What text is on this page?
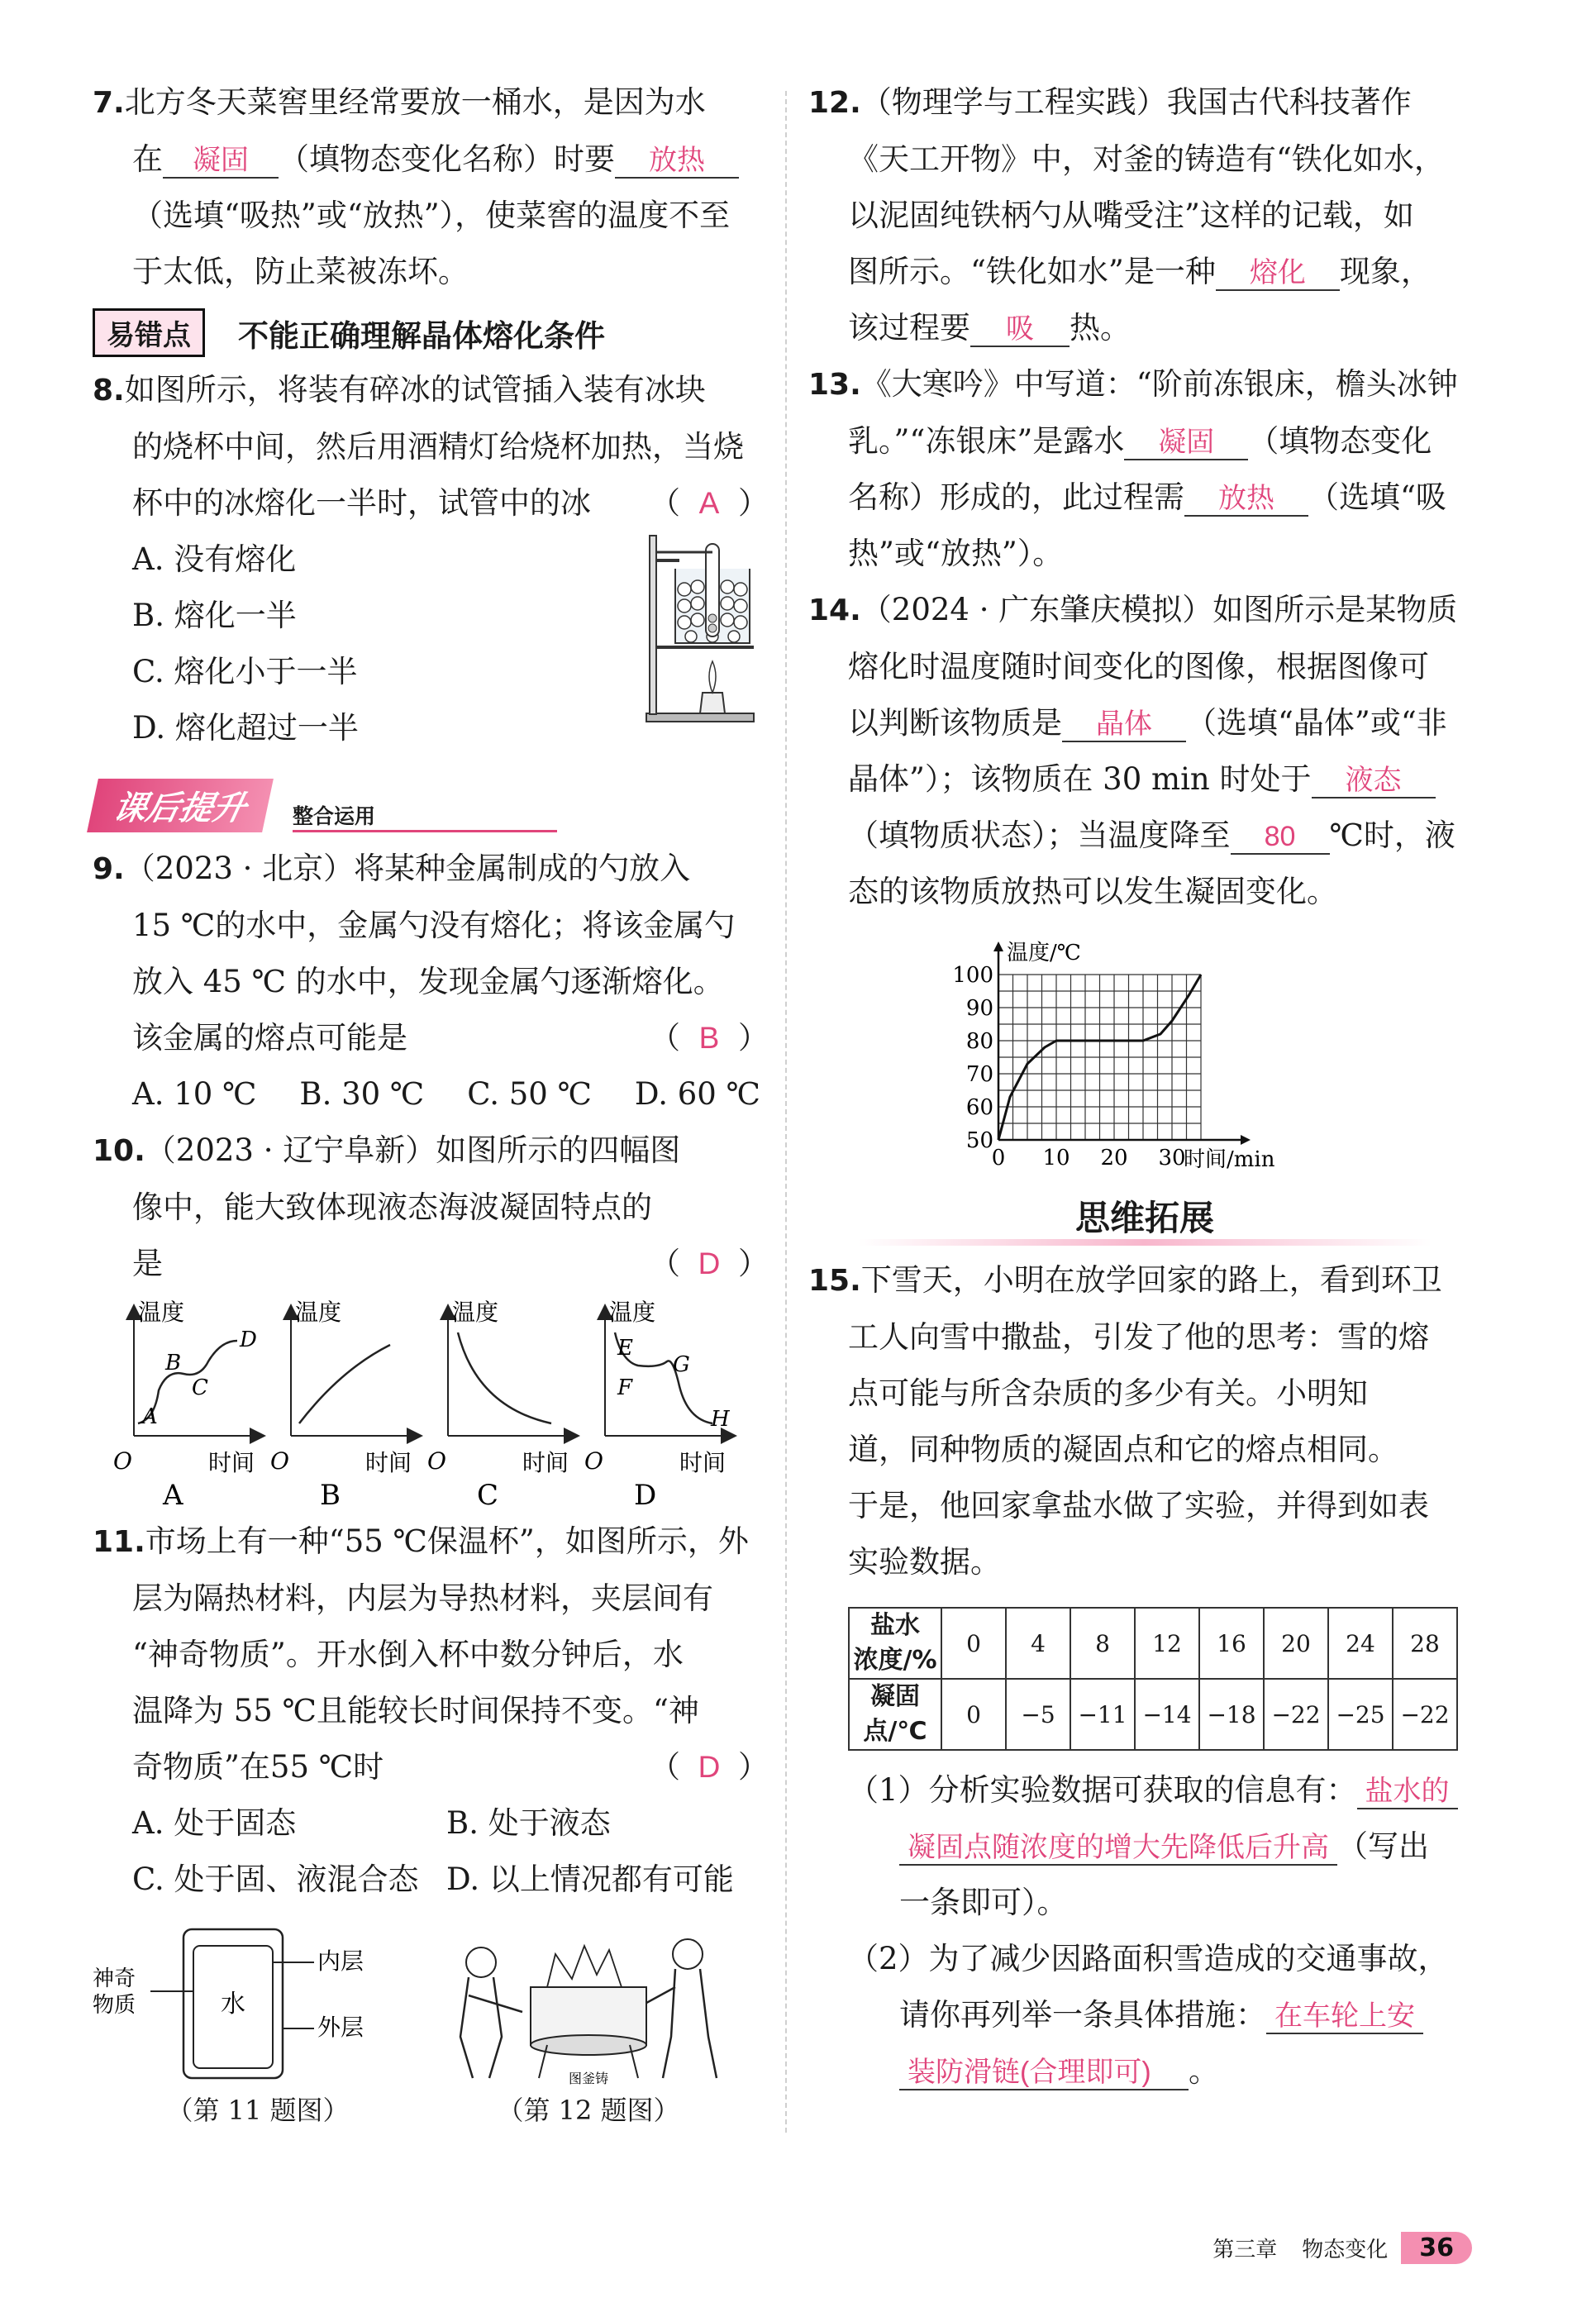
7.北方冬天菜窖里经常要放一桶水，是因为水

在 凝固 （填物态变化名称）时要 放热

（选填“吸热”或“放热”），使菜窖的温度不至

于太低，防止菜被冻坏。

易错点	不能正确理解晶体熔化条件

8.如图所示，将装有碎冰的试管插入装有冰块

的烧杯中间，然后用酒精灯给烧杯加热，当烧

杯中的冰熔化一半时，试管中的冰 （ A ）

A. 没有熔化
B. 熔化一半
C. 熔化小于一半
D. 熔化超过一半
课后提升	整合运用

9.（2023 · 北京）将某种金属制成的勺放入

15 ℃的水中，金属勺没有熔化；将该金属勺

放入 45 ℃ 的水中，发现金属勺逐渐熔化。

该金属的熔点可能是	（ B ）

A. 10 ℃ B. 30 ℃ C. 50 ℃ D. 60 ℃

10.（2023 · 辽宁阜新）如图所示的四幅图

像中，能大致体现液态海波凝固特点的

是	（ D ）

温度
时间
O
A
B
C
D
A
温度
时间
O
B
温度
时间
O
C
温度
时间
O
E
F
G
H
D

11.市场上有一种“55 ℃保温杯”，如图所示，外

层为隔热材料，内层为导热材料，夹层间有

“神奇物质”。开水倒入杯中数分钟后，水

温降为 55 ℃且能较长时间保持不变。“神

奇物质”在55 ℃时	（ D ）

A. 处于固态	B. 处于液态
C. 处于固、液混合态 D. 以上情况都有可能
水
神奇物质
内层
外层
（第 11 题图）
图釜铸
（第 12 题图）

12.（物理学与工程实践）我国古代科技著作

《天工开物》中，对釜的铸造有“铁化如水，

以泥固纯铁柄勺从嘴受注”这样的记载，如

图所示。“铁化如水”是一种 熔化 现象，

该过程要 吸 热。

13.《大寒吟》中写道：“阶前冻银床，檐头冰钟

乳。”“冻银床”是露水 凝固 （填物态变化

名称）形成的，此过程需 放热 （选填“吸

热”或“放热”）。

14.（2024 · 广东肇庆模拟）如图所示是某物质

熔化时温度随时间变化的图像，根据图像可

以判断该物质是 晶体 （选填“晶体”或“非

晶体”）；该物质在 30 min 时处于 液态

（填物质状态）；当温度降至 80 ℃时，液

态的该物质放热可以发生凝固变化。

50
60
70
80
90
100
0 10 20 30
温度/℃
时间/min
思维拓展

15.下雪天，小明在放学回家的路上，看到环卫

工人向雪中撒盐，引发了他的思考：雪的熔

点可能与所含杂质的多少有关。小明知

道，同种物质的凝固点和它的熔点相同。

于是，他回家拿盐水做了实验，并得到如表

实验数据。

盐水
浓度/%	0	4	8	12	16	20	24	28
凝固
点/℃	0	−5	−11	−14	−18	−22	−25	−22

（1）分析实验数据可获取的信息有： 盐水的

凝固点随浓度的增大先降低后升高 （写出

一条即可）。

（2）为了减少因路面积雪造成的交通事故，

请你再列举一条具体措施： 在车轮上安

装防滑链(合理即可) 。

第三章 物态变化	36
